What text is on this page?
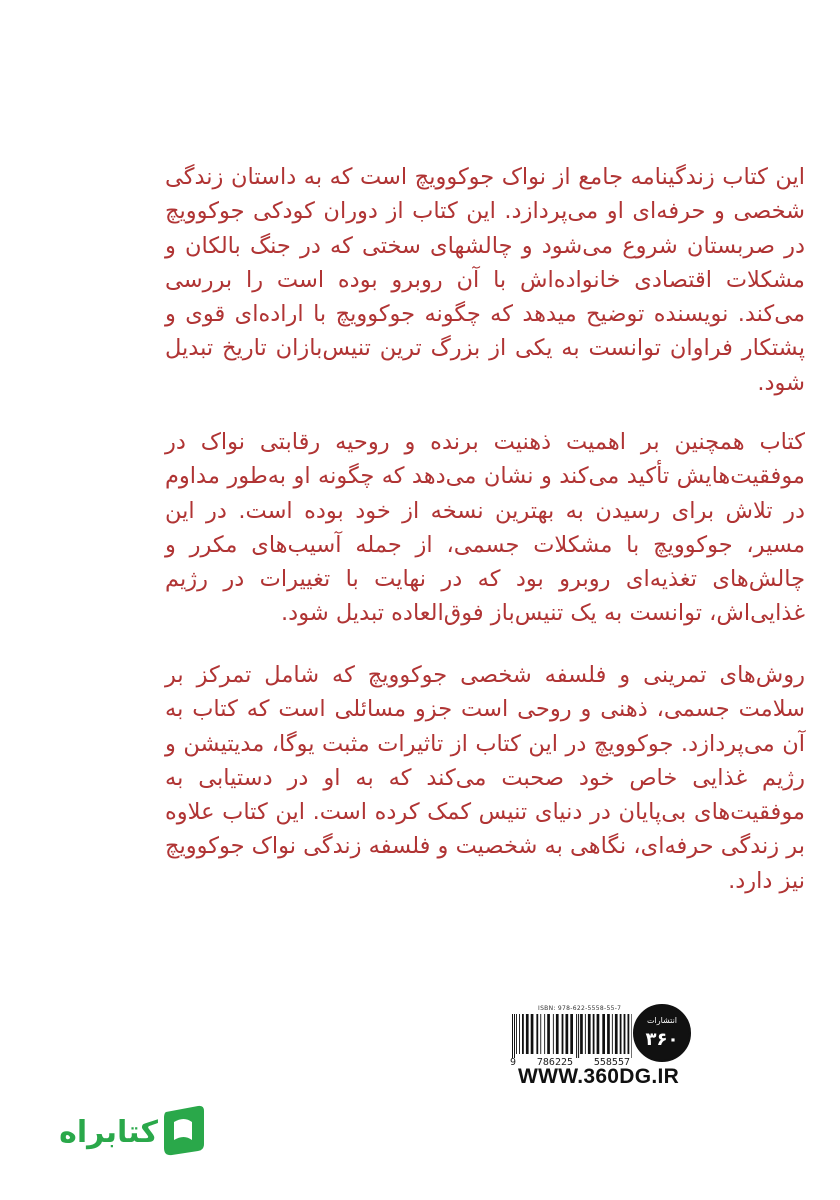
این کتاب زندگینامه جامع از نواک جوکوویچ است که به داستان زندگی شخصی و حرفه‌ای او می‌پردازد. این کتاب از دوران کودکی جوکوویچ در صربستان شروع می‌شود و چالشهای سختی که در جنگ بالکان و مشکلات اقتصادی خانواده‌اش با آن روبرو بوده است را بررسی می‌کند. نویسنده توضیح میدهد که چگونه جوکوویچ با اراده‌ای قوی و پشتکار فراوان توانست به یکی از بزرگ ترین تنیس‌بازان تاریخ تبدیل شود.
کتاب همچنین بر اهمیت ذهنیت برنده و روحیه رقابتی نواک در موفقیت‌هایش تأکید می‌کند و نشان می‌دهد که چگونه او به‌طور مداوم در تلاش برای رسیدن به بهترین نسخه از خود بوده است. در این مسیر، جوکوویچ با مشکلات جسمی، از جمله آسیب‌های مکرر و چالش‌های تغذیه‌ای روبرو بود که در نهایت با تغییرات در رژیم غذایی‌اش، توانست به یک تنیس‌باز فوق‌العاده تبدیل شود.
روش‌های تمرینی و فلسفه شخصی جوکوویچ که شامل تمرکز بر سلامت جسمی، ذهنی و روحی است جزو مسائلی است که کتاب به آن می‌پردازد. جوکوویچ در این کتاب از تاثیرات مثبت یوگا، مدیتیشن و رژیم غذایی خاص خود صحبت می‌کند که به او در دستیابی به موفقیت‌های بی‌پایان در دنیای تنیس کمک کرده است. این کتاب علاوه بر زندگی حرفه‌ای، نگاهی به شخصیت و فلسفه زندگی نواک جوکوویچ نیز دارد.
ISBN: 978-622-5558-55-7
9 786225 558557
انتشارات
۳۶۰
WWW.360DG.IR
کتابراه
